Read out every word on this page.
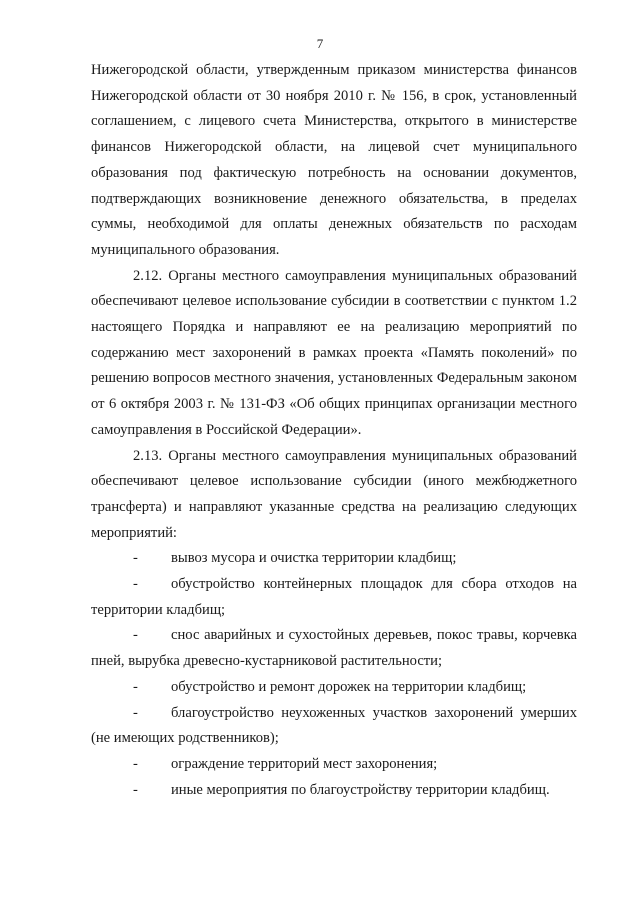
7

Нижегородской области, утвержденным приказом министерства финансов Нижегородской области от 30 ноября 2010 г. № 156, в срок, установленный соглашением, с лицевого счета Министерства, открытого в министерстве финансов Нижегородской области, на лицевой счет муниципального образования под фактическую потребность на основании документов, подтверждающих возникновение денежного обязательства, в пределах суммы, необходимой для оплаты денежных обязательств по расходам муниципального образования.

2.12. Органы местного самоуправления муниципальных образований обеспечивают целевое использование субсидии в соответствии с пунктом 1.2 настоящего Порядка и направляют ее на реализацию мероприятий по содержанию мест захоронений в рамках проекта «Память поколений» по решению вопросов местного значения, установленных Федеральным законом от 6 октября 2003 г. № 131-ФЗ «Об общих принципах организации местного самоуправления в Российской Федерации».

2.13. Органы местного самоуправления муниципальных образований обеспечивают целевое использование субсидии (иного межбюджетного трансферта) и направляют указанные средства на реализацию следующих мероприятий:

- вывоз мусора и очистка территории кладбищ;

- обустройство контейнерных площадок для сбора отходов на территории кладбищ;

- снос аварийных и сухостойных деревьев, покос травы, корчевка пней, вырубка древесно-кустарниковой растительности;

- обустройство и ремонт дорожек на территории кладбищ;

- благоустройство неухоженных участков захоронений умерших (не имеющих родственников);

- ограждение территорий мест захоронения;

- иные мероприятия по благоустройству территории кладбищ.
